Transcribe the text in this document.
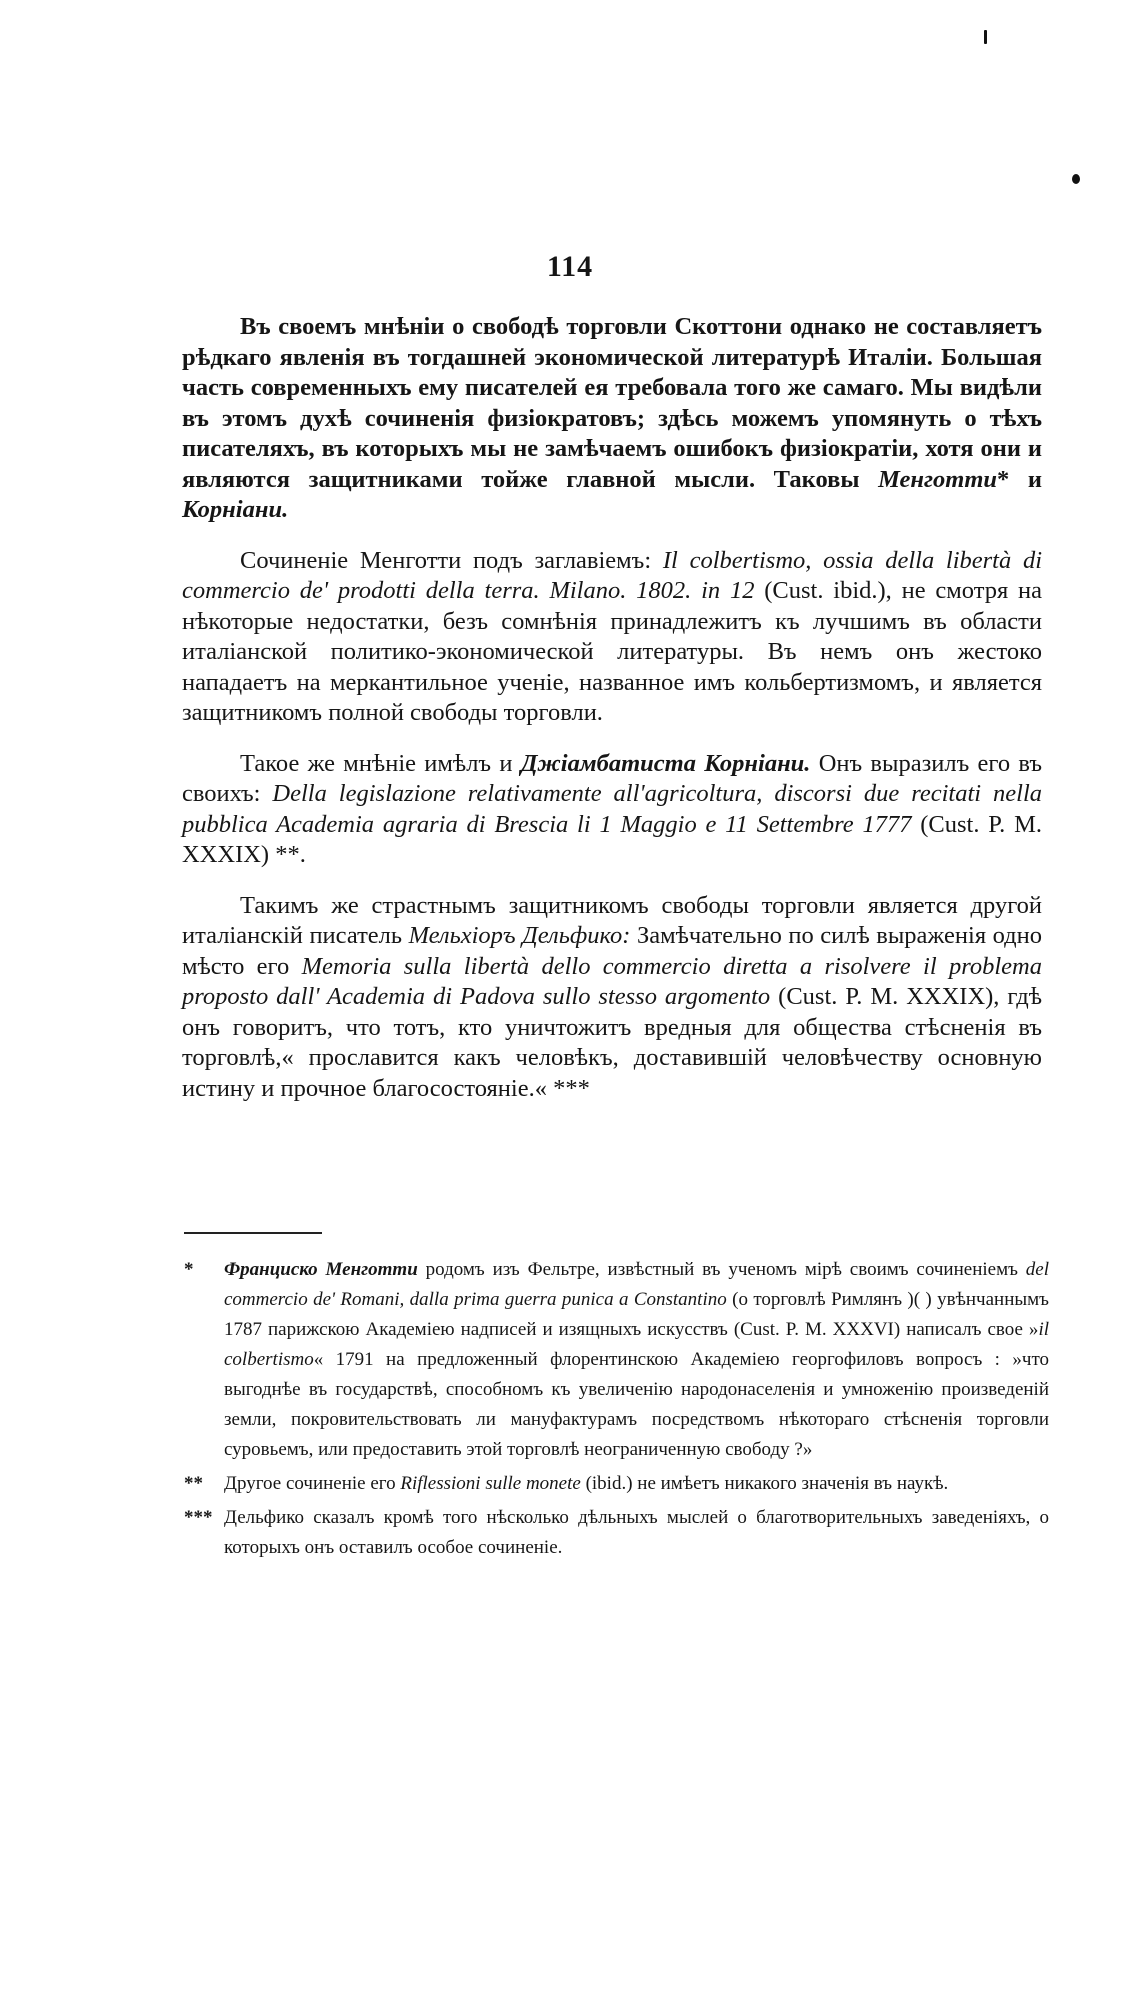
114

Въ своемъ мнѣніи о свободѣ торговли Скоттони однако не составляетъ рѣдкаго явленія въ тогдашней экономической литературѣ Италіи. Большая часть современныхъ ему писателей ея требовала того же самаго. Мы видѣли въ этомъ духѣ сочиненія физіократовъ; здѣсь можемъ упомянуть о тѣхъ писателяхъ, въ которыхъ мы не замѣчаемъ ошибокъ физіократіи, хотя они и являются защитниками тойже главной мысли. Таковы Менготти* и Корніани.

Сочиненіе Менготти подъ заглавіемъ: Il colbertismo, ossia della libertà di commercio de' prodotti della terra. Milano. 1802. in 12 (Cust. ibid.), не смотря на нѣкоторые недостатки, безъ сомнѣнія принадлежитъ къ лучшимъ въ области италіанской политико-экономической литературы. Въ немъ онъ жестоко нападаетъ на меркантильное ученіе, названное имъ кольбертизмомъ, и является защитникомъ полной свободы торговли.

Такое же мнѣніе имѣлъ и Джіамбатиста Корніани. Онъ выразилъ его въ своихъ: Della legislazione relativamente all'agricoltura, discorsi due recitati nella pubblica Academia agraria di Brescia li 1 Maggio e 11 Settembre 1777 (Cust. P. M. XXXIX) **.

Такимъ же страстнымъ защитникомъ свободы торговли является другой италіанскій писатель Мельхіоръ Дельфико: Замѣчательно по силѣ выраженія одно мѣсто его Memoria sulla libertà dello commercio diretta a risolvere il problema proposto dall' Academia di Padova sullo stesso argomento (Cust. P. M. XXXIX), гдѣ онъ говоритъ, что тотъ, кто уничтожитъ вредныя для общества стѣсненія въ торговлѣ,« прославится какъ человѣкъ, доставившій человѣчеству основную истину и прочное благосостояніе.« ***

*	Франциско Менготти родомъ изъ Фельтре, извѣстный въ ученомъ мірѣ своимъ сочиненіемъ del commercio de' Romani, dalla prima guerra punica a Constantino (о торговлѣ Римлянъ )( ) увѣнчаннымъ 1787 парижскою Академіею надписей и изящныхъ искусствъ (Cust. P. M. XXXVI) написалъ свое »il colbertismo« 1791 на предложенный флорентинскою Академіею георгофиловъ вопросъ : »что выгоднѣе въ государствѣ, способномъ къ увеличенію народонаселенія и умноженію произведеній земли, покровительствовать ли мануфактурамъ посредствомъ нѣкотораго стѣсненія торговли суровьемъ, или предоставить этой торговлѣ неограниченную свободу ?»
**	Другое сочиненіе его Riflessioni sulle monete (ibid.) не имѣетъ никакого значенія въ наукѣ.
*** Дельфико сказалъ кромѣ того нѣсколько дѣльныхъ мыслей о благотворительныхъ заведеніяхъ, о которыхъ онъ оставилъ особое сочиненіе.
